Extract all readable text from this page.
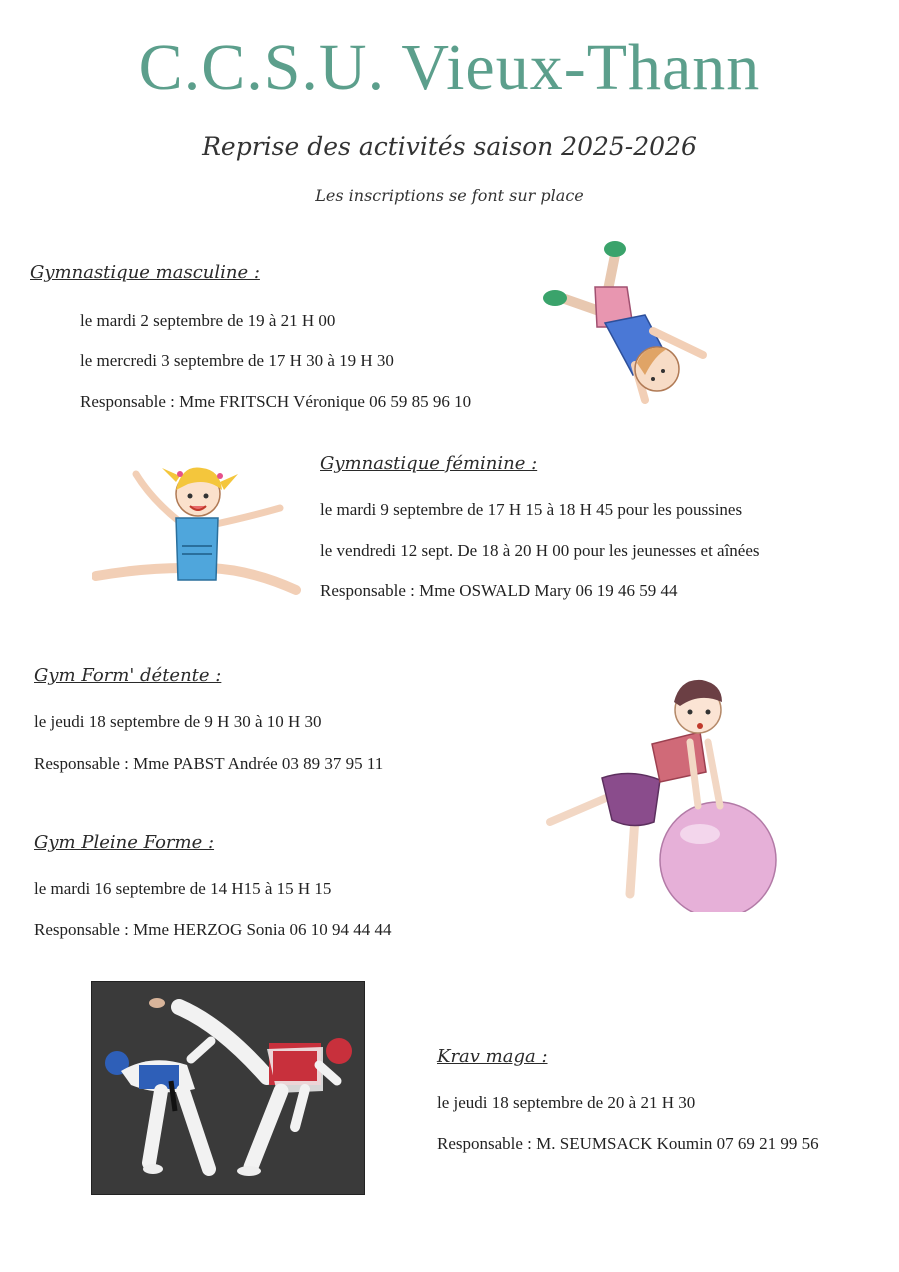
C.C.S.U. Vieux-Thann
Reprise des activités saison 2025-2026
Les inscriptions se font sur place
Gymnastique masculine :
le mardi 2 septembre de 19 à 21 H 00
le mercredi 3 septembre de 17 H 30 à 19 H 30
Responsable : Mme FRITSCH Véronique 06 59 85 96 10
Gymnastique féminine :
le mardi 9 septembre de 17 H 15 à 18 H 45 pour les poussines
le vendredi 12 sept. De 18 à 20 H 00 pour les jeunesses et aînées
Responsable : Mme OSWALD Mary 06 19 46 59 44
Gym Form' détente :
le jeudi 18 septembre de 9 H 30 à 10 H 30
Responsable : Mme PABST Andrée 03 89 37 95 11
Gym Pleine Forme :
le mardi 16 septembre de 14 H15 à 15 H 15
Responsable : Mme HERZOG Sonia 06 10 94 44 44
Krav maga :
le jeudi 18 septembre de 20 à 21 H 30
Responsable : M. SEUMSACK Koumin 07 69 21 99 56
